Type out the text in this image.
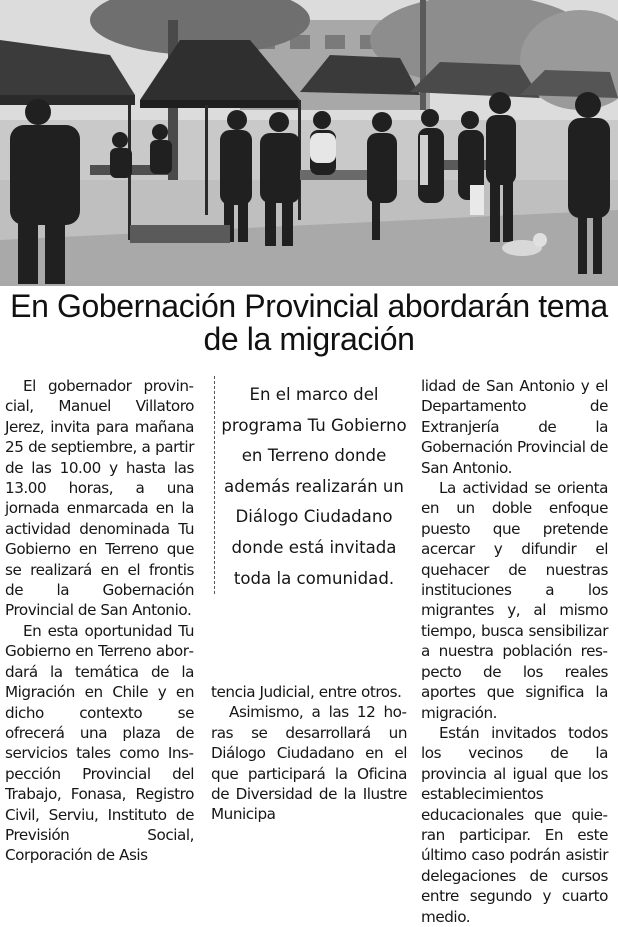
En Gobernación Provincial abordarán tema de la migración

El gobernador provincial, Manuel Villatoro Jerez, invita para mañana 25 de septiembre, a partir de las 10.00 y hasta las 13.00 horas, a una jornada enmarcada en la actividad denominada Tu Gobierno en Terreno que se realizará en el frontis de la Gobernación Provincial de San Antonio.

En esta oportunidad Tu Gobierno en Terreno abordará la temática de la Migración en Chile y en dicho contexto se ofrecerá una plaza de servicios tales como Inspección Provincial del Trabajo, Fonasa, Registro Civil, Serviu, Instituto de Previsión Social, Corporación de Asis

En el marco del programa Tu Gobierno en Terreno donde además realizarán un Diálogo Ciudadano donde está invitada toda la comunidad.

tencia Judicial, entre otros.

Asimismo, a las 12 horas se desarrollará un Diálogo Ciudadano en el que participará la Oficina de Diversidad de la Ilustre Municipa

lidad de San Antonio y el Departamento de Extranjería de la Gobernación Provincial de San Antonio.

La actividad se orienta en un doble enfoque puesto que pretende acercar y difundir el quehacer de nuestras instituciones a los migrantes y, al mismo tiempo, busca sensibilizar a nuestra población respecto de los reales aportes que significa la migración.

Están invitados todos los vecinos de la provincia al igual que los establecimientos educacionales que quieran participar. En este último caso podrán asistir delegaciones de cursos entre segundo y cuarto medio.
